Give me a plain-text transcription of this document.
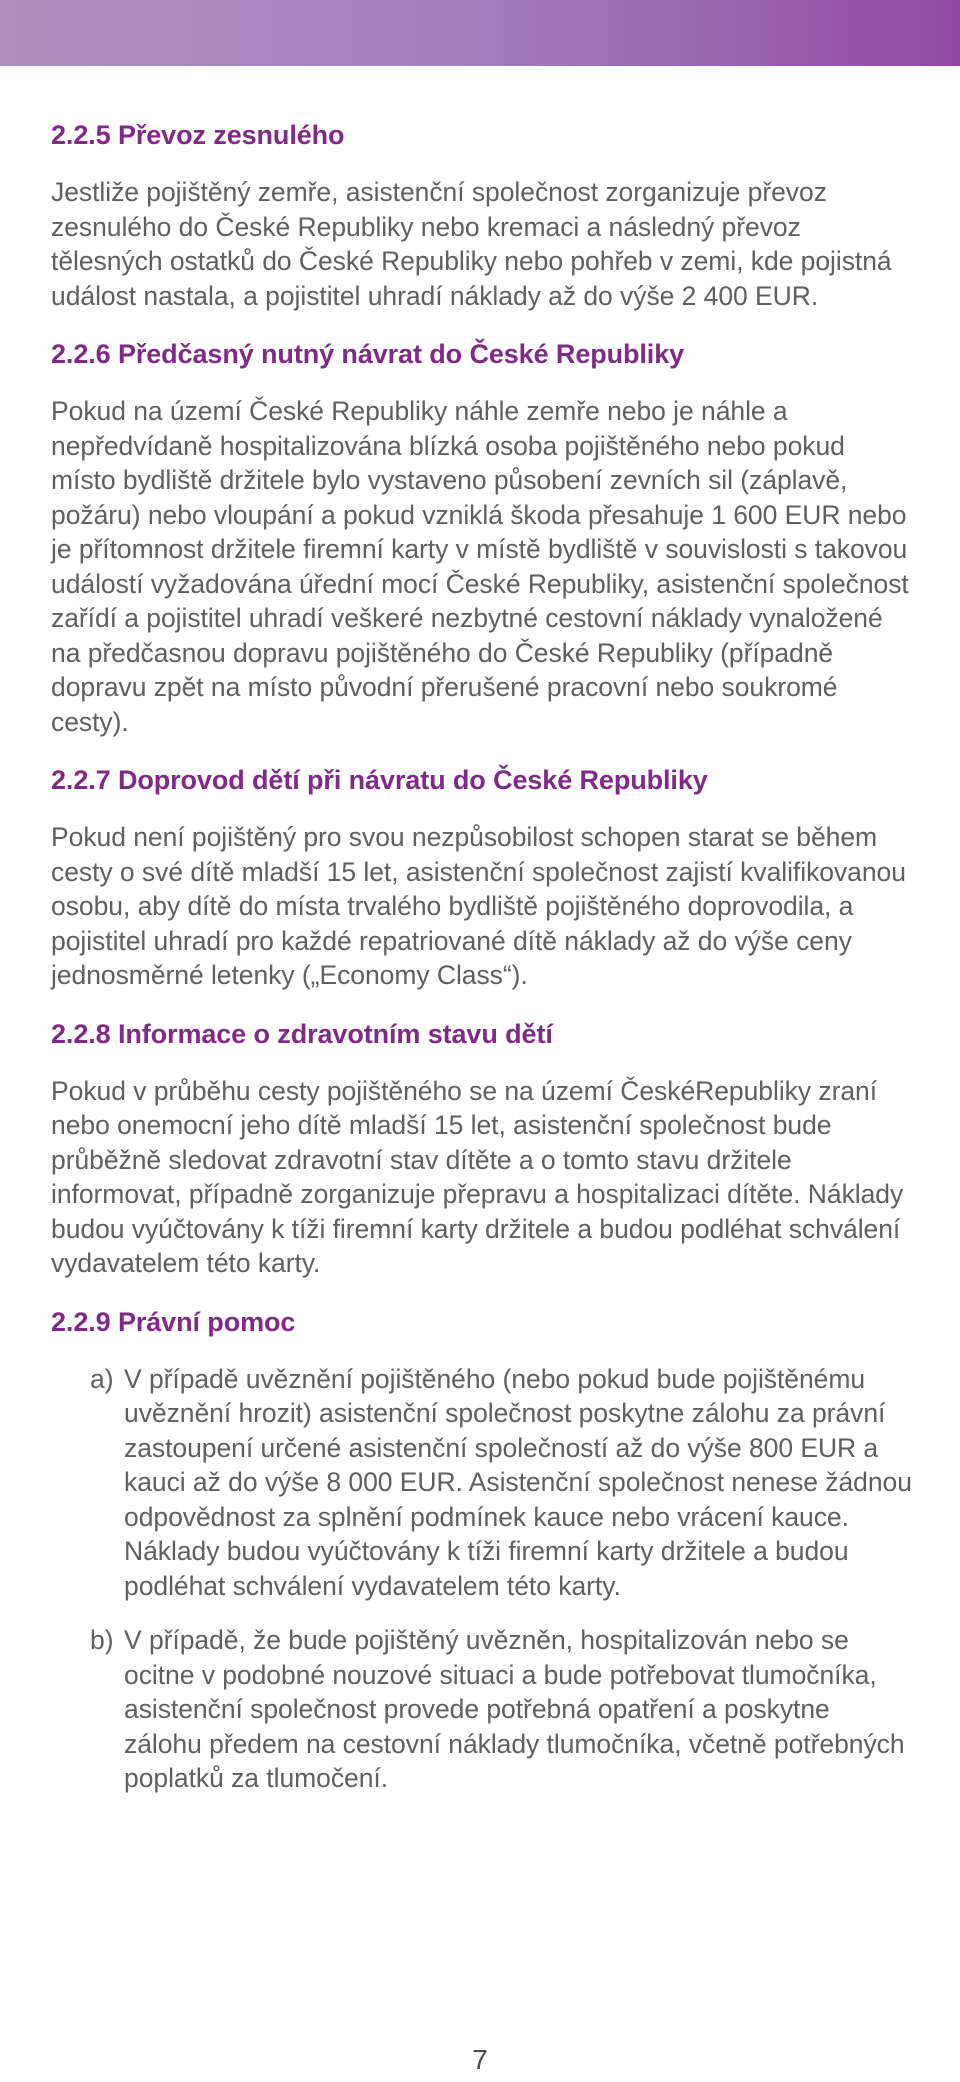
2.2.5 Převoz zesnulého

Jestliže pojištěný zemře, asistenční společnost zorganizuje převoz zesnulého do České Republiky nebo kremaci a následný převoz tělesných ostatků do České Republiky nebo pohřeb v zemi, kde pojistná událost nastala, a pojistitel uhradí náklady až do výše 2 400 EUR.

2.2.6 Předčasný nutný návrat do České Republiky

Pokud na území České Republiky náhle zemře nebo je náhle a nepředvídaně hospitalizována blízká osoba pojištěného nebo pokud místo bydliště držitele bylo vystaveno působení zevních sil (záplavě, požáru) nebo vloupání a pokud vzniklá škoda přesahuje 1 600 EUR nebo je přítomnost držitele firemní karty v místě bydliště v souvislosti s takovou událostí vyžadována úřední mocí České Republiky, asistenční společnost zařídí a pojistitel uhradí veškeré nezbytné cestovní náklady vynaložené na předčasnou dopravu pojištěného do České Republiky (případně dopravu zpět na místo původní přerušené pracovní nebo soukromé cesty).

2.2.7 Doprovod dětí při návratu do České Republiky

Pokud není pojištěný pro svou nezpůsobilost schopen starat se během cesty o své dítě mladší 15 let, asistenční společnost zajistí kvalifikovanou osobu, aby dítě do místa trvalého bydliště pojištěného doprovodila, a pojistitel uhradí pro každé repatriované dítě náklady až do výše ceny jednosměrné letenky („Economy Class“).

2.2.8 Informace o zdravotním stavu dětí

Pokud v průběhu cesty pojištěného se na území ČeskéRepubliky zraní nebo onemocní jeho dítě mladší 15 let, asistenční společnost bude průběžně sledovat zdravotní stav dítěte a o tomto stavu držitele informovat, případně zorganizuje přepravu a hospitalizaci dítěte. Náklady budou vyúčtovány k tíži firemní karty držitele a budou podléhat schválení vydavatelem této karty.

2.2.9 Právní pomoc
a) V případě uvěznění pojištěného (nebo pokud bude pojištěnému uvěznění hrozit) asistenční společnost poskytne zálohu za právní zastoupení určené asistenční společností až do výše 800 EUR a kauci až do výše 8 000 EUR. Asistenční společnost nenese žádnou odpovědnost za splnění podmínek kauce nebo vrácení kauce. Náklady budou vyúčtovány k tíži firemní karty držitele a budou podléhat schválení vydavatelem této karty.
b) V případě, že bude pojištěný uvězněn, hospitalizován nebo se ocitne v podobné nouzové situaci a bude potřebovat tlumočníka, asistenční společnost provede potřebná opatření a poskytne zálohu předem na cestovní náklady tlumočníka, včetně potřebných poplatků za tlumočení.
7
